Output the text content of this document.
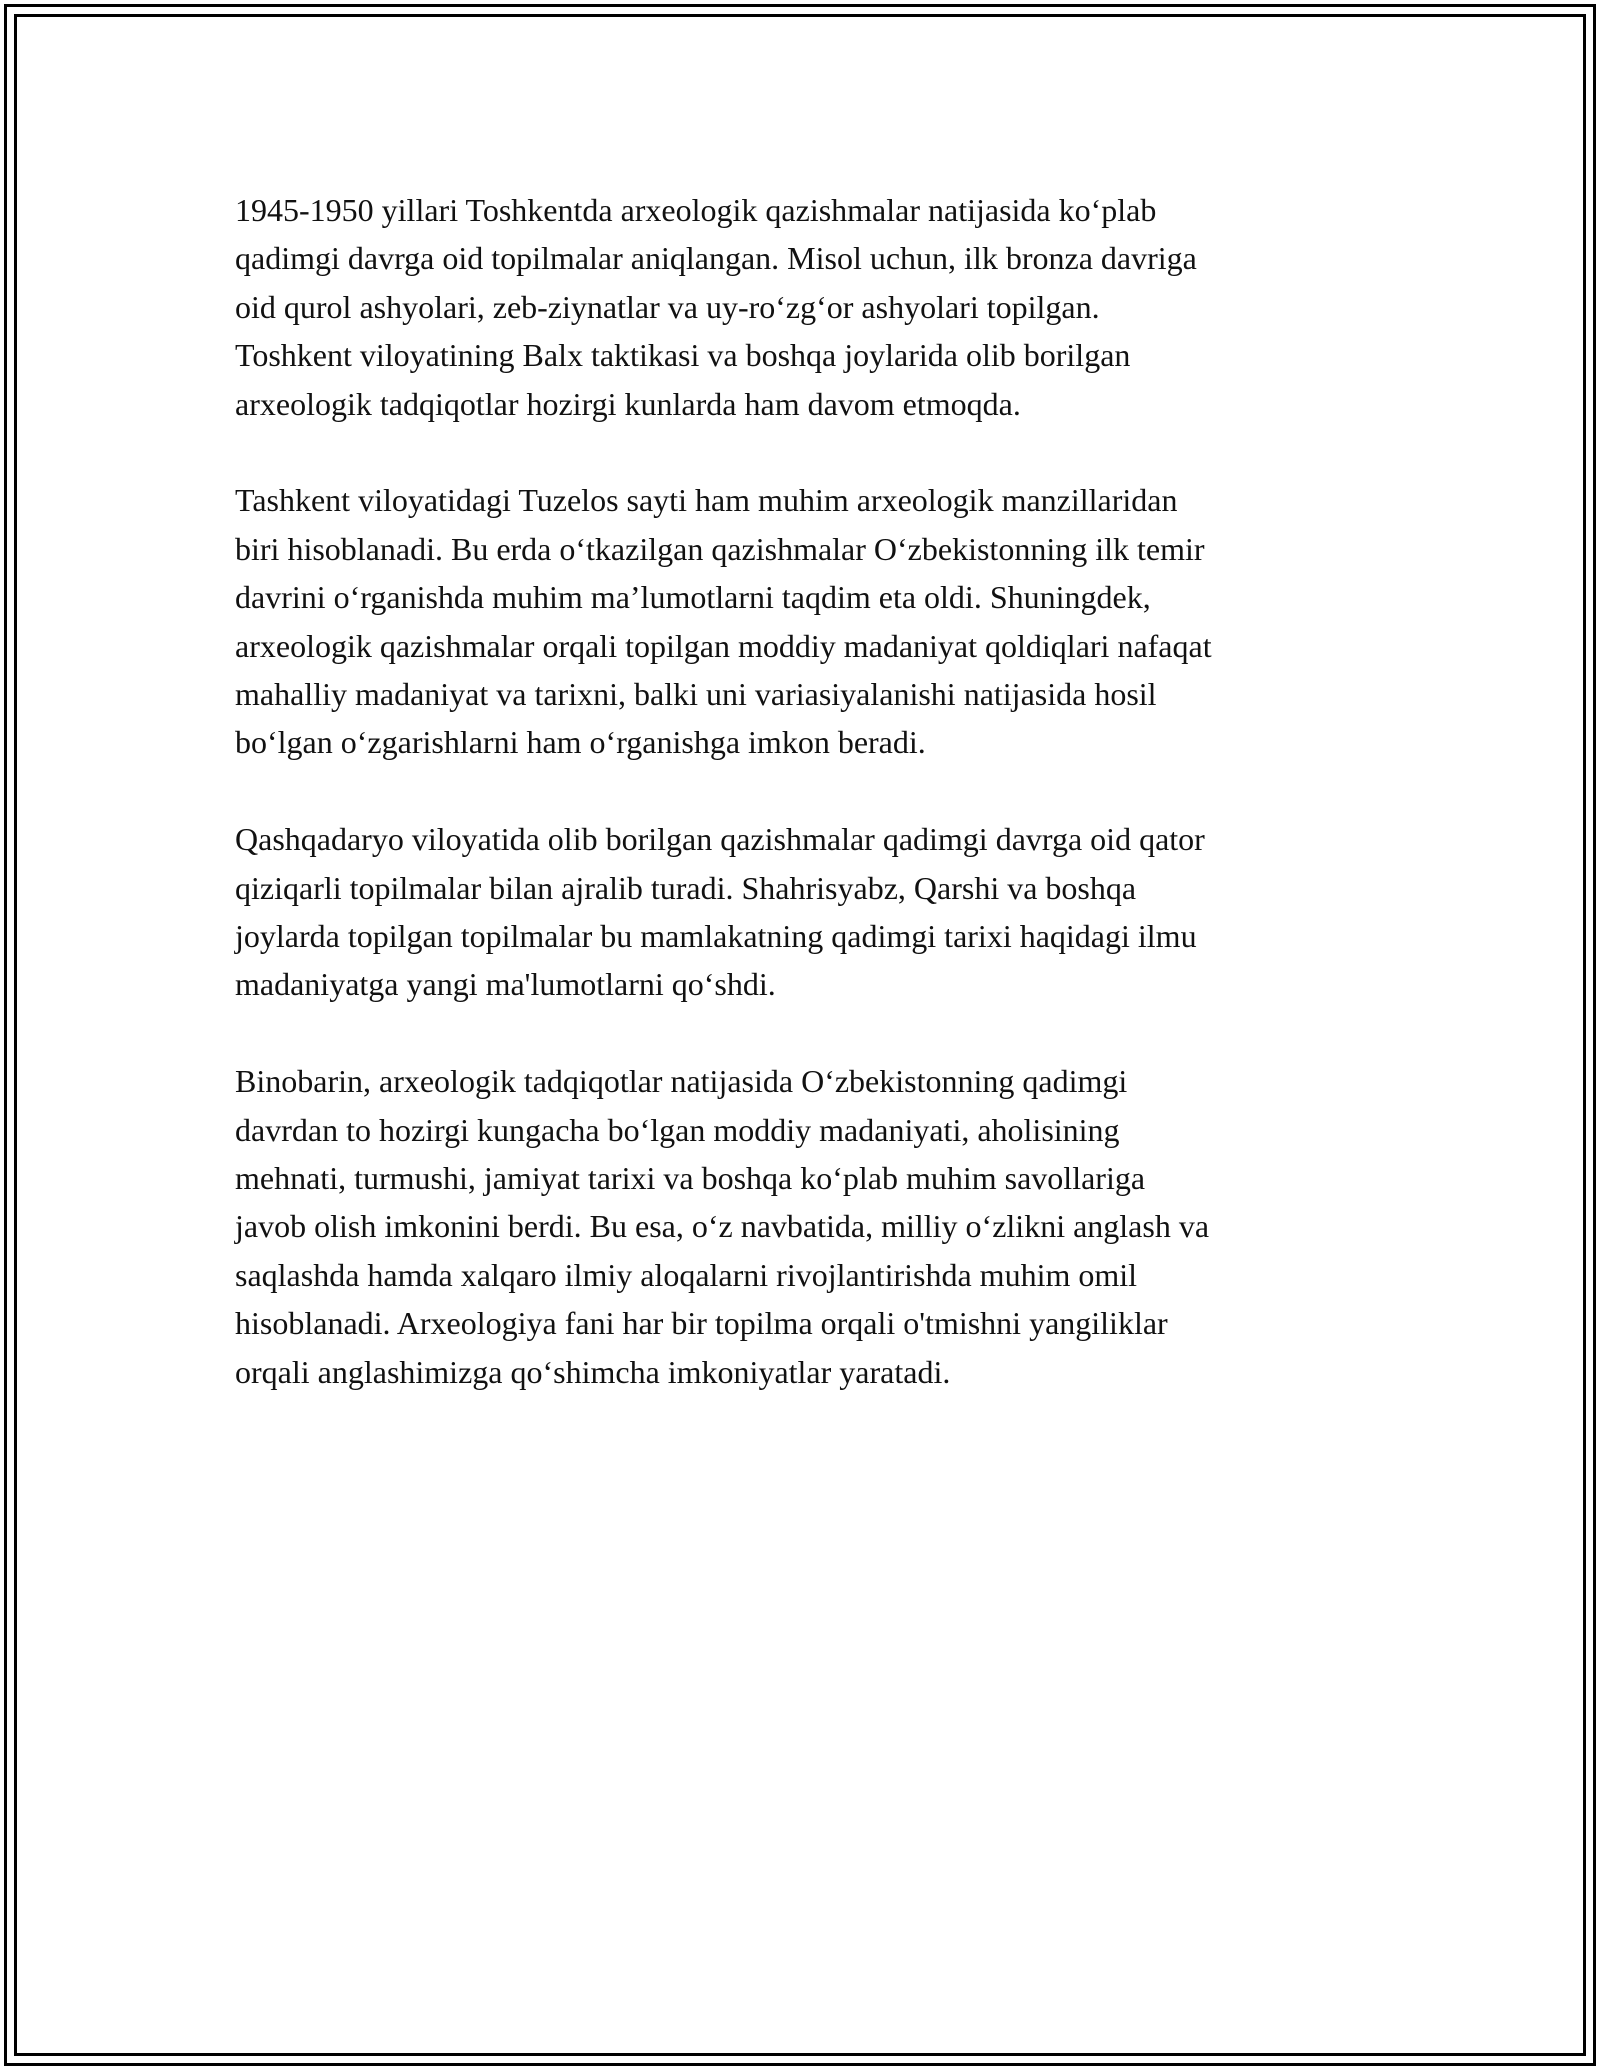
1945-1950 yillari Toshkentda arxeologik qazishmalar natijasida ko‘plab
qadimgi davrga oid topilmalar aniqlangan. Misol uchun, ilk bronza davriga
oid qurol ashyolari, zeb-ziynatlar va uy-ro‘zg‘or ashyolari topilgan.
Toshkent viloyatining Balx taktikasi va boshqa joylarida olib borilgan
arxeologik tadqiqotlar hozirgi kunlarda ham davom etmoqda.

Tashkent viloyatidagi Tuzelos sayti ham muhim arxeologik manzillaridan
biri hisoblanadi. Bu erda o‘tkazilgan qazishmalar O‘zbekistonning ilk temir
davrini o‘rganishda muhim ma’lumotlarni taqdim eta oldi. Shuningdek,
arxeologik qazishmalar orqali topilgan moddiy madaniyat qoldiqlari nafaqat
mahalliy madaniyat va tarixni, balki uni variasiyalanishi natijasida hosil
bo‘lgan o‘zgarishlarni ham o‘rganishga imkon beradi.

Qashqadaryo viloyatida olib borilgan qazishmalar qadimgi davrga oid qator
qiziqarli topilmalar bilan ajralib turadi. Shahrisyabz, Qarshi va boshqa
joylarda topilgan topilmalar bu mamlakatning qadimgi tarixi haqidagi ilmu
madaniyatga yangi ma'lumotlarni qo‘shdi.

Binobarin, arxeologik tadqiqotlar natijasida O‘zbekistonning qadimgi
davrdan to hozirgi kungacha bo‘lgan moddiy madaniyati, aholisining
mehnati, turmushi, jamiyat tarixi va boshqa ko‘plab muhim savollariga
javob olish imkonini berdi. Bu esa, o‘z navbatida, milliy o‘zlikni anglash va
saqlashda hamda xalqaro ilmiy aloqalarni rivojlantirishda muhim omil
hisoblanadi. Arxeologiya fani har bir topilma orqali o'tmishni yangiliklar
orqali anglashimizga qo‘shimcha imkoniyatlar yaratadi.
